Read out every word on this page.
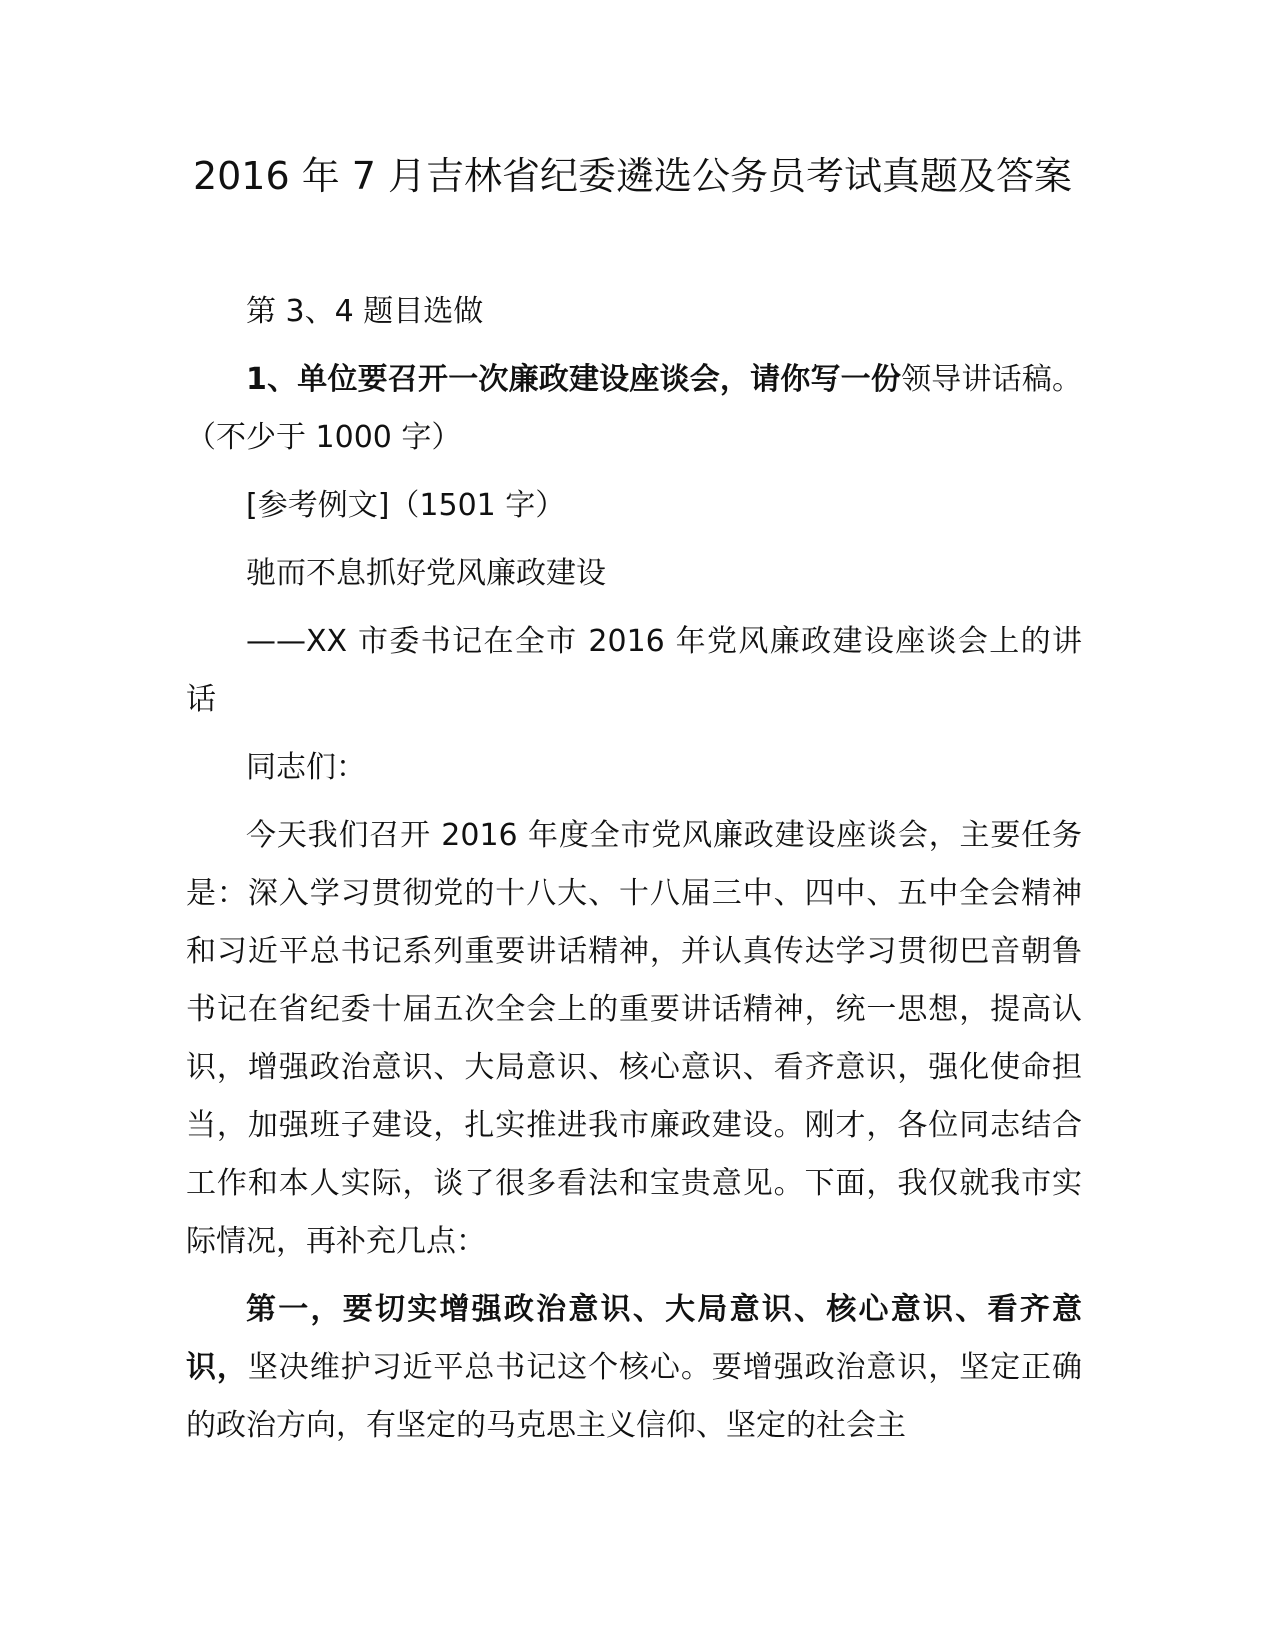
2016 年 7 月吉林省纪委遴选公务员考试真题及答案

第 3、4 题目选做

1、单位要召开一次廉政建设座谈会，请你写一份领导讲话稿。（不少于 1000 字）

[参考例文]（1501 字）

驰而不息抓好党风廉政建设

——XX 市委书记在全市 2016 年党风廉政建设座谈会上的讲话

同志们：

今天我们召开 2016 年度全市党风廉政建设座谈会，主要任务是：深入学习贯彻党的十八大、十八届三中、四中、五中全会精神和习近平总书记系列重要讲话精神，并认真传达学习贯彻巴音朝鲁书记在省纪委十届五次全会上的重要讲话精神，统一思想，提高认识，增强政治意识、大局意识、核心意识、看齐意识，强化使命担当，加强班子建设，扎实推进我市廉政建设。刚才，各位同志结合工作和本人实际，谈了很多看法和宝贵意见。下面，我仅就我市实际情况，再补充几点：

第一，要切实增强政治意识、大局意识、核心意识、看齐意识，坚决维护习近平总书记这个核心。要增强政治意识，坚定正确的政治方向，有坚定的马克思主义信仰、坚定的社会主
